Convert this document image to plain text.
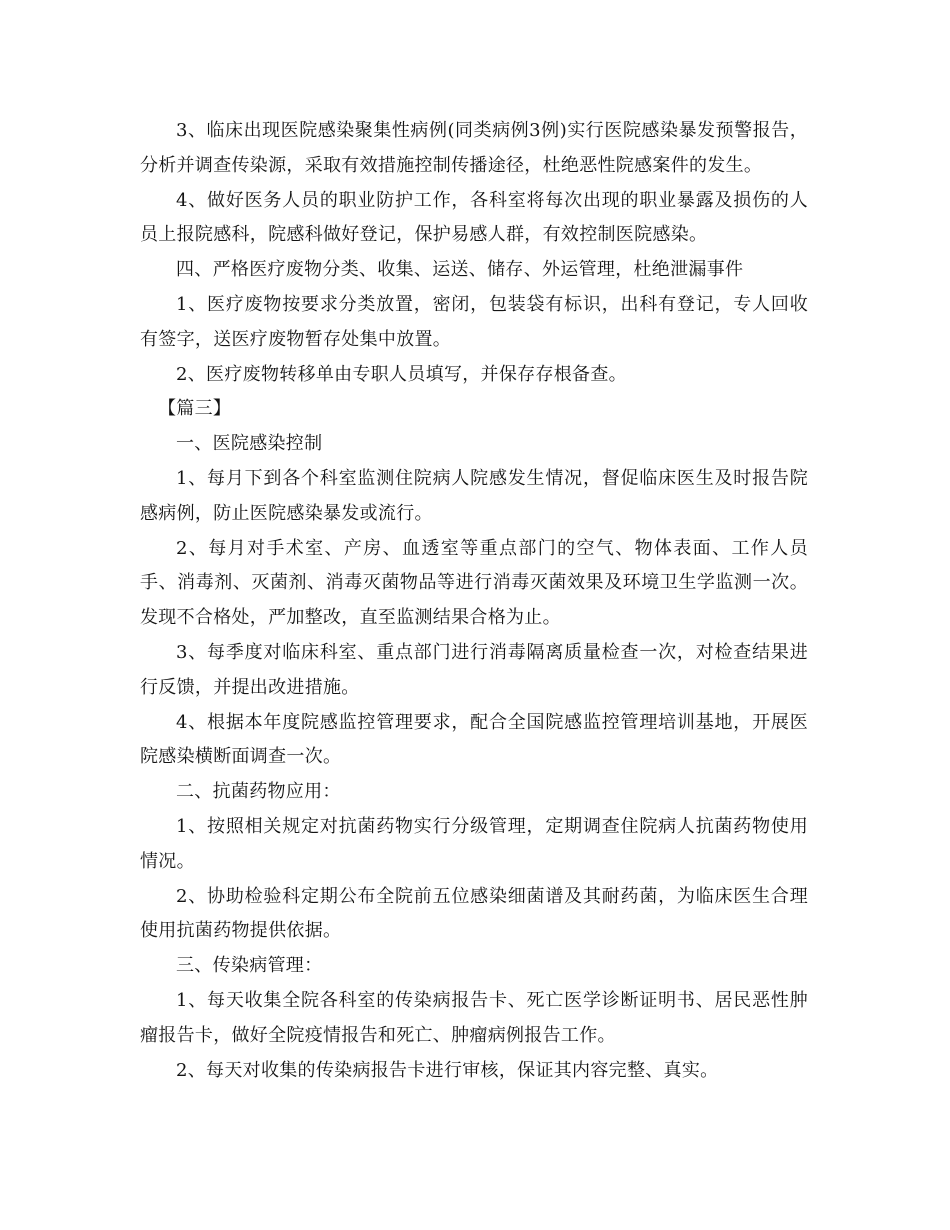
3、临床出现医院感染聚集性病例(同类病例3例)实行医院感染暴发预警报告，分析并调查传染源，采取有效措施控制传播途径，杜绝恶性院感案件的发生。

4、做好医务人员的职业防护工作，各科室将每次出现的职业暴露及损伤的人员上报院感科，院感科做好登记，保护易感人群，有效控制医院感染。

四、严格医疗废物分类、收集、运送、储存、外运管理，杜绝泄漏事件

1、医疗废物按要求分类放置，密闭，包装袋有标识，出科有登记，专人回收有签字，送医疗废物暂存处集中放置。

2、医疗废物转移单由专职人员填写，并保存存根备查。

【篇三】

一、医院感染控制

1、每月下到各个科室监测住院病人院感发生情况，督促临床医生及时报告院感病例，防止医院感染暴发或流行。

2、每月对手术室、产房、血透室等重点部门的空气、物体表面、工作人员手、消毒剂、灭菌剂、消毒灭菌物品等进行消毒灭菌效果及环境卫生学监测一次。发现不合格处，严加整改，直至监测结果合格为止。

3、每季度对临床科室、重点部门进行消毒隔离质量检查一次，对检查结果进行反馈，并提出改进措施。

4、根据本年度院感监控管理要求，配合全国院感监控管理培训基地，开展医院感染横断面调查一次。

二、抗菌药物应用：

1、按照相关规定对抗菌药物实行分级管理，定期调查住院病人抗菌药物使用情况。

2、协助检验科定期公布全院前五位感染细菌谱及其耐药菌，为临床医生合理使用抗菌药物提供依据。

三、传染病管理：

1、每天收集全院各科室的传染病报告卡、死亡医学诊断证明书、居民恶性肿瘤报告卡，做好全院疫情报告和死亡、肿瘤病例报告工作。

2、每天对收集的传染病报告卡进行审核，保证其内容完整、真实。
